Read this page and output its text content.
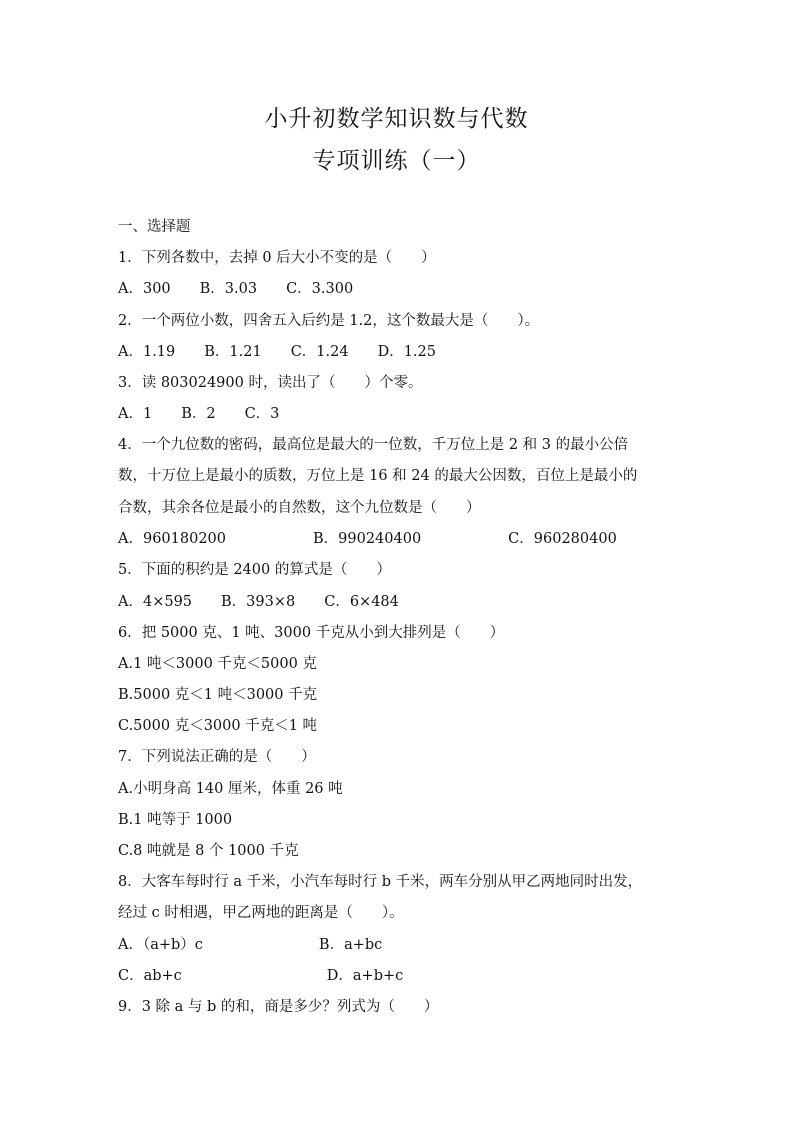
小升初数学知识数与代数
专项训练（一）
一、选择题
1．下列各数中，去掉 0 后大小不变的是（　　）
A．300　　B．3.03　　C．3.300
2．一个两位小数，四舍五入后约是 1.2，这个数最大是（　　）。
A．1.19　　B．1.21　　C．1.24　　D．1.25
3．读 803024900 时，读出了（　　）个零。
A．1　　B．2　　C．3
4．一个九位数的密码，最高位是最大的一位数，千万位上是 2 和 3 的最小公倍
数，十万位上是最小的质数，万位上是 16 和 24 的最大公因数，百位上是最小的
合数，其余各位是最小的自然数，这个九位数是（　　）
A．960180200　　　　　　B．990240400　　　　　　C．960280400
5．下面的积约是 2400 的算式是（　　）
A．4×595　　B．393×8　　C．6×484
6．把 5000 克、1 吨、3000 千克从小到大排列是（　　）
A.1 吨＜3000 千克＜5000 克
B.5000 克＜1 吨＜3000 千克
C.5000 克＜3000 千克＜1 吨
7．下列说法正确的是（　　）
A.小明身高 140 厘米，体重 26 吨
B.1 吨等于 1000
C.8 吨就是 8 个 1000 千克
8．大客车每时行 a 千米，小汽车每时行 b 千米，两车分别从甲乙两地同时出发，
经过 c 时相遇，甲乙两地的距离是（　　）。
A．（a+b）c　　　　　　　　B．a+bc
C．ab+c　　　　　　　　　　D．a+b+c
9．3 除 a 与 b 的和，商是多少？列式为（　　）
